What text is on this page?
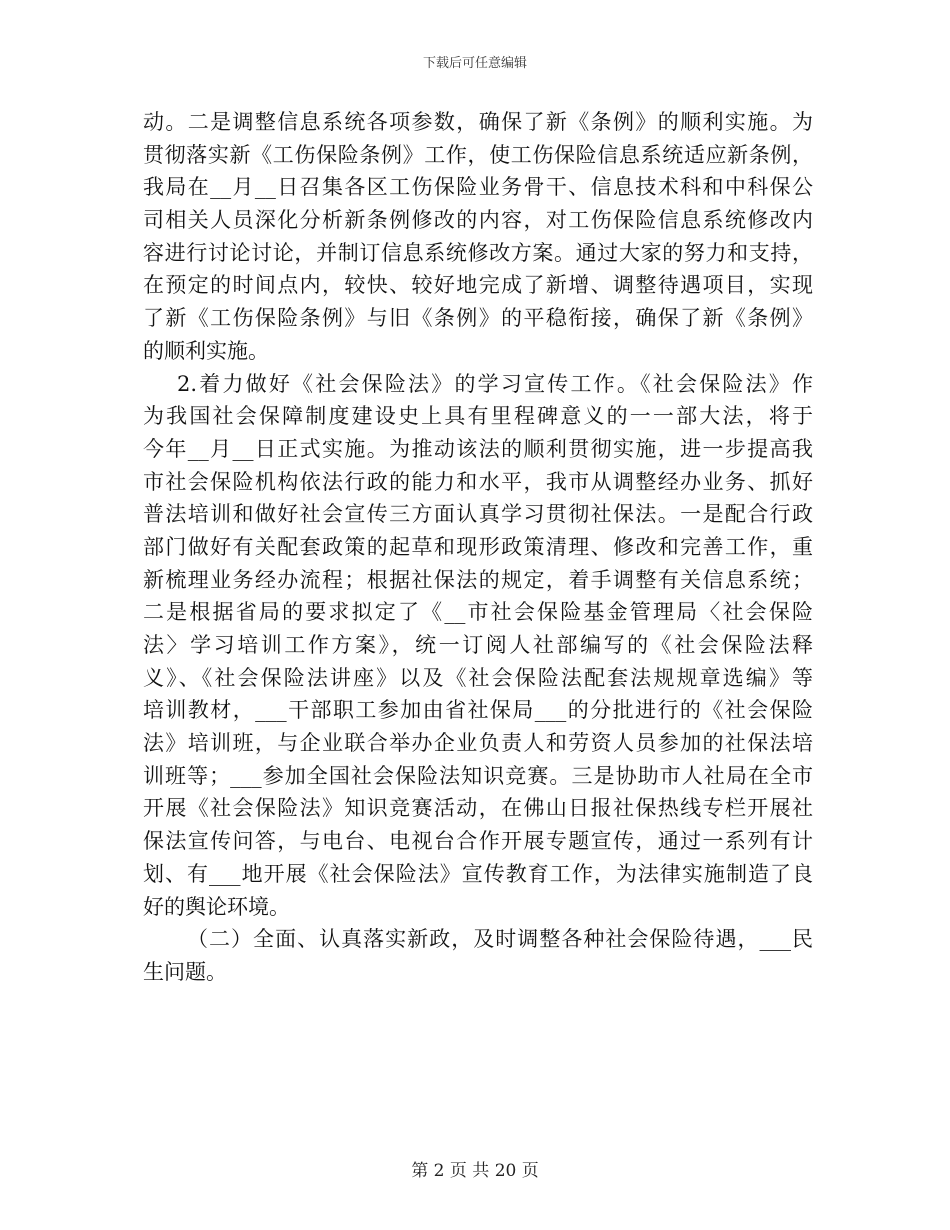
下载后可任意编辑
动。二是调整信息系统各项参数，确保了新《条例》的顺利实施。为
贯彻落实新《工伤保险条例》工作，使工伤保险信息系统适应新条例，
我局在__月__日召集各区工伤保险业务骨干、信息技术科和中科保公
司相关人员深化分析新条例修改的内容，对工伤保险信息系统修改内
容进行讨论讨论，并制订信息系统修改方案。通过大家的努力和支持，
在预定的时间点内，较快、较好地完成了新增、调整待遇项目，实现
了新《工伤保险条例》与旧《条例》的平稳衔接，确保了新《条例》
的顺利实施。
2.着力做好《社会保险法》的学习宣传工作。《社会保险法》作
为我国社会保障制度建设史上具有里程碑意义的一一部大法，将于
今年__月__日正式实施。为推动该法的顺利贯彻实施，进一步提高我
市社会保险机构依法行政的能力和水平，我市从调整经办业务、抓好
普法培训和做好社会宣传三方面认真学习贯彻社保法。一是配合行政
部门做好有关配套政策的起草和现形政策清理、修改和完善工作，重
新梳理业务经办流程；根据社保法的规定，着手调整有关信息系统；
二是根据省局的要求拟定了《__市社会保险基金管理局〈社会保险
法〉学习培训工作方案》，统一订阅人社部编写的《社会保险法释
义》、《社会保险法讲座》以及《社会保险法配套法规规章选编》等
培训教材，___干部职工参加由省社保局___的分批进行的《社会保险
法》培训班，与企业联合举办企业负责人和劳资人员参加的社保法培
训班等；___参加全国社会保险法知识竞赛。三是协助市人社局在全市
开展《社会保险法》知识竞赛活动，在佛山日报社保热线专栏开展社
保法宣传问答，与电台、电视台合作开展专题宣传，通过一系列有计
划、有___地开展《社会保险法》宣传教育工作，为法律实施制造了良
好的舆论环境。
（二）全面、认真落实新政，及时调整各种社会保险待遇，___民
生问题。
第 2 页 共 20 页
